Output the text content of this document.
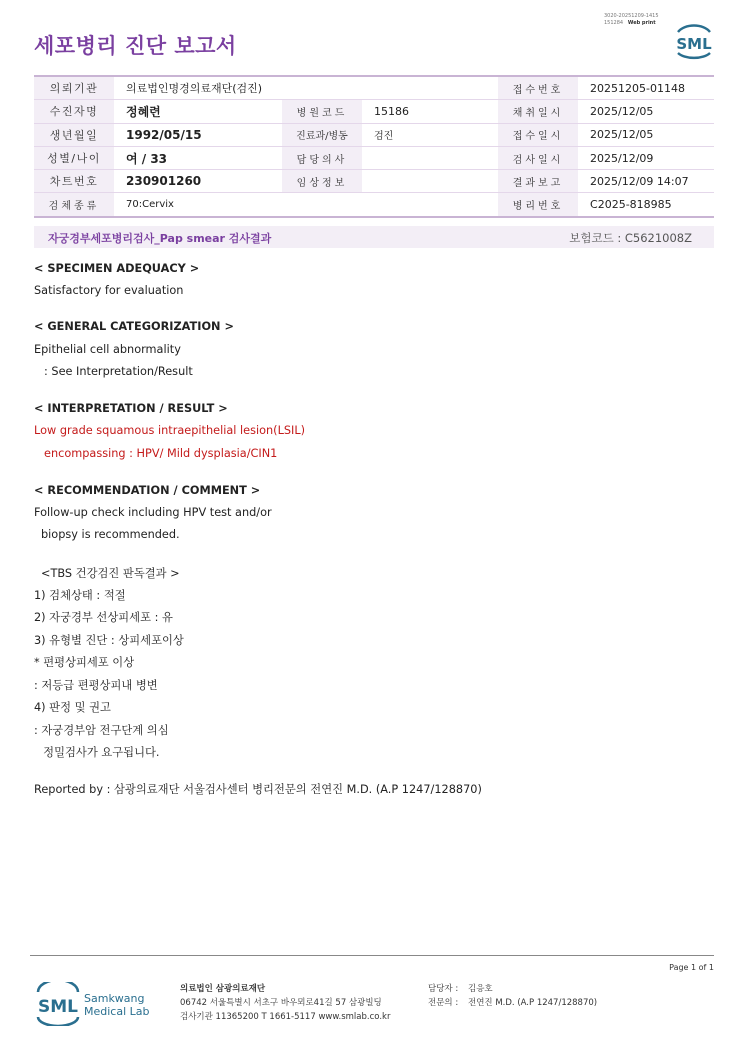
3020-20251209-1415
151284 Web print
세포병리 진단 보고서	SML
의뢰기관	의료법인명경의료재단(검진)			접수번호	20251205-01148
수진자명	정혜련	병원코드	15186	채취일시	2025/12/05
생년월일	1992/05/15	진료과/병동	검진	접수일시	2025/12/05
성별/나이	여 / 33	담당의사		검사일시	2025/12/09
차트번호	230901260	임상정보		결과보고	2025/12/09 14:07
검체종류	70:Cervix			병리번호	C2025-818985
자궁경부세포병리검사_Pap smear 검사결과	보험코드 : C5621008Z
< SPECIMEN ADEQUACY >
Satisfactory for evaluation
< GENERAL CATEGORIZATION >
Epithelial cell abnormality
: See Interpretation/Result
< INTERPRETATION / RESULT >
Low grade squamous intraepithelial lesion(LSIL)
encompassing : HPV/ Mild dysplasia/CIN1
< RECOMMENDATION / COMMENT >
Follow-up check including HPV test and/or
biopsy is recommended.
<TBS 건강검진 판독결과 >
1) 검체상태 : 적절
2) 자궁경부 선상피세포 : 유
3) 유형별 진단 : 상피세포이상
* 편평상피세포 이상
: 저등급 편평상피내 병변
4) 판정 및 권고
: 자궁경부암 전구단계 의심
정밀검사가 요구됩니다.
Reported by : 삼광의료재단 서울검사센터 병리전문의 전연진 M.D. (A.P 1247/128870)
Page 1 of 1
SML Samkwang
Medical Lab
의료법인 삼광의료재단
06742 서울특별시 서초구 바우뫼로41길 57 삼광빌딩
검사기관 11365200 T 1661-5117 www.smlab.co.kr
담당자 : 김응호
전문의 : 전연진 M.D. (A.P 1247/128870)
